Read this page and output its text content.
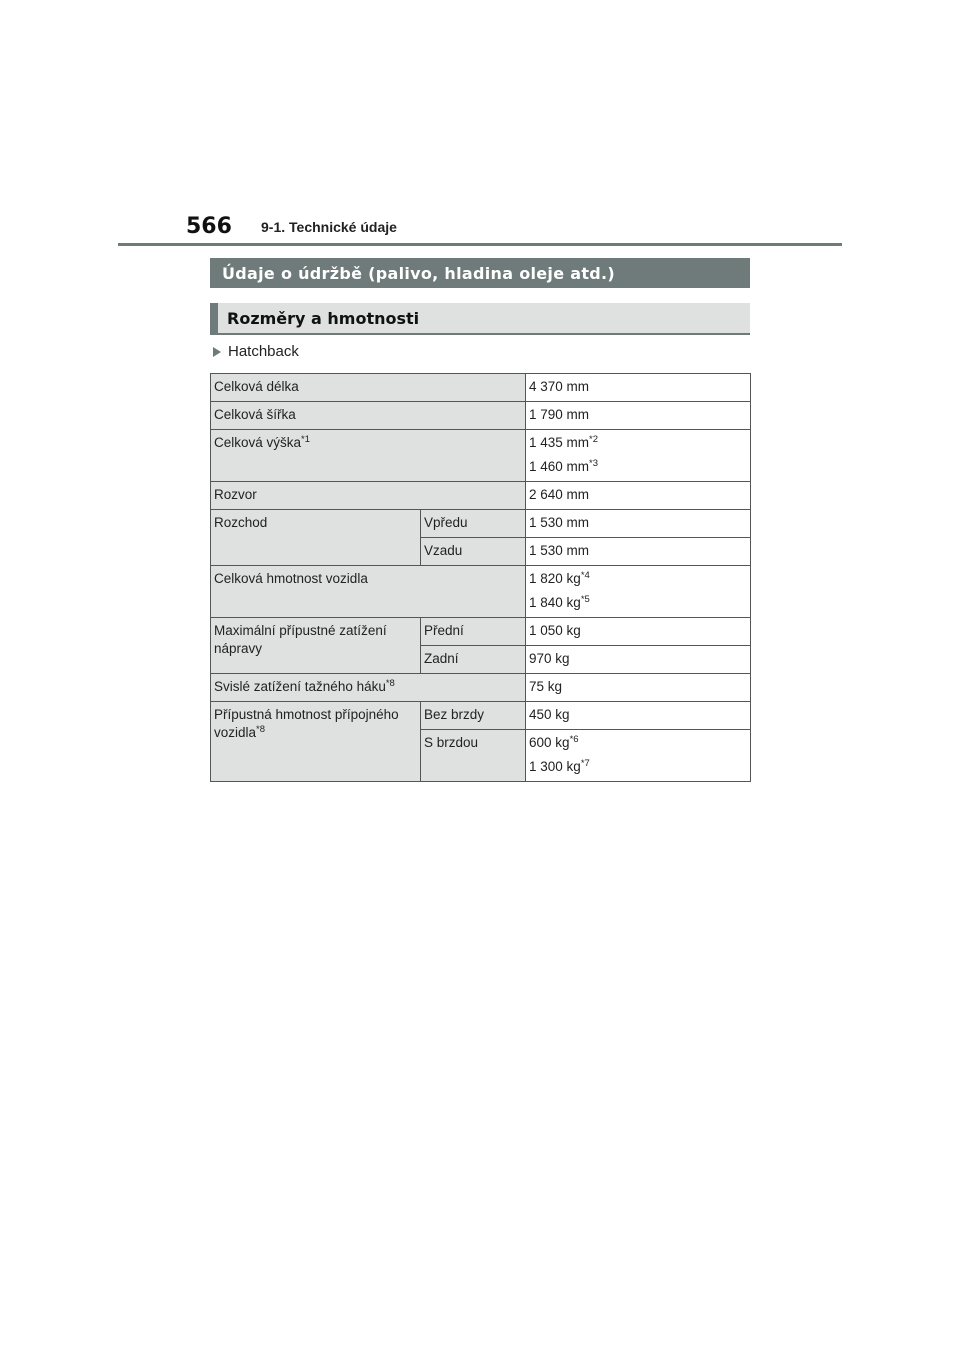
566 9-1. Technické údaje
Údaje o údržbě (palivo, hladina oleje atd.)
Rozměry a hmotnosti
Hatchback
Celková délka		4 370 mm
Celková šířka		1 790 mm
Celková výška$^{*1}$		1 435 $mm^{*2}$
1 460 $mm^{*3}$

Rozvor		2 640 mm
Rozchod	Vpředu	1 530 mm
	Vzadu	1 530 mm
Celková hmotnost vozidla		1 820 $kg^{*4}$
1 840 $kg^{*5}$

Maximální přípustné zatížení nápravy	Přední	1 050 kg
	Zadní	970 kg
Svislé zatížení tažného háku$^{*8}$		75 kg
Přípustná hmotnost přípojného vozidla$^{*8}$	Bez brzdy	450 kg
	S brzdou	600 $kg^{*6}$
1 300 $kg^{*7}$
